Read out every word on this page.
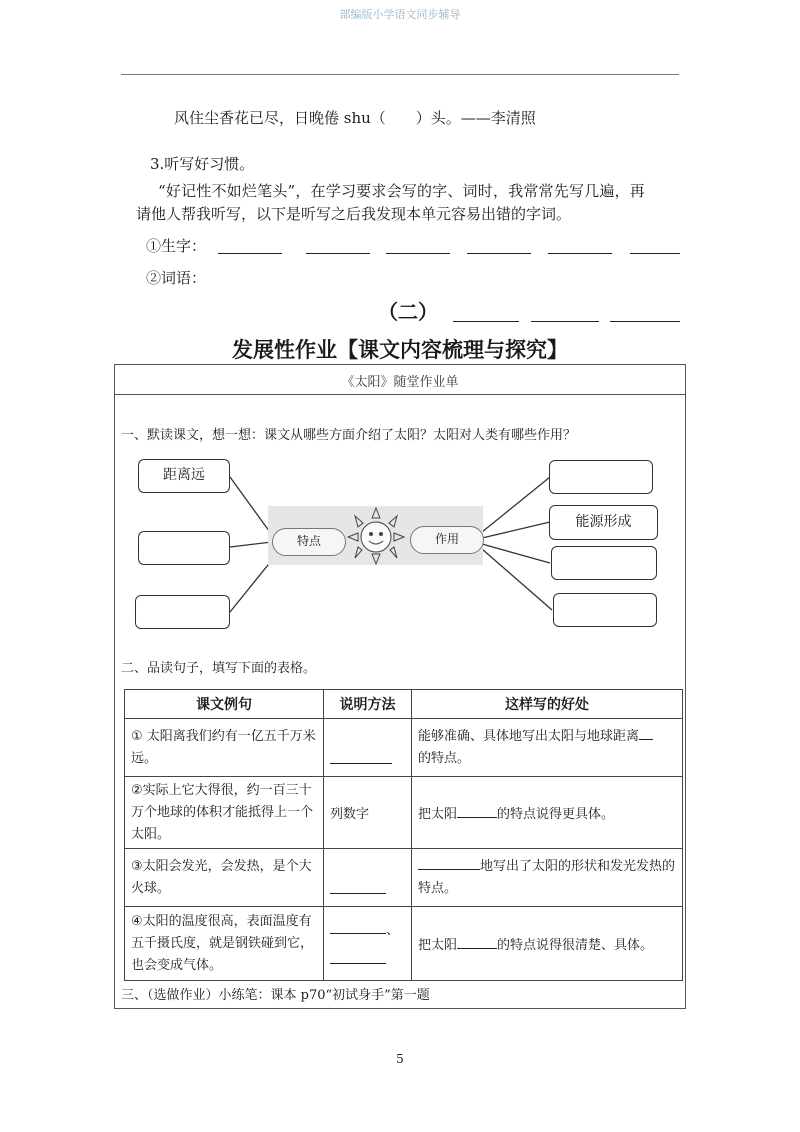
部编版小学语文同步辅导
风住尘香花已尽，日晚倦 shu（　　）头。——李清照
3.听写好习惯。
“好记性不如烂笔头”，在学习要求会写的字、词时，我常常先写几遍，再
请他人帮我听写，以下是听写之后我发现本单元容易出错的字词。
①生字：
②词语：
（二）
发展性作业【课文内容梳理与探究】
《太阳》随堂作业单
一、默读课文，想一想：课文从哪些方面介绍了太阳？太阳对人类有哪些作用？
距离远
能源形成
特点	作用
二、品读句子，填写下面的表格。
课文例句	说明方法	这样写的好处
① 太阳离我们约有一亿五千万米远。		能够准确、具体地写出太阳与地球距离
的特点。
②实际上它大得很，约一百三十万个地球的体积才能抵得上一个太阳。	列数字	把太阳 的特点说得更具体。
③太阳会发光，会发热，是个大火球。		地写出了太阳的形状和发光发热的特点。
④太阳的温度很高，表面温度有五千摄氏度，就是钢铁碰到它，也会变成气体。	、	把太阳 的特点说得很清楚、具体。
三、（选做作业）小练笔：课本 p70“初试身手”第一题
5
